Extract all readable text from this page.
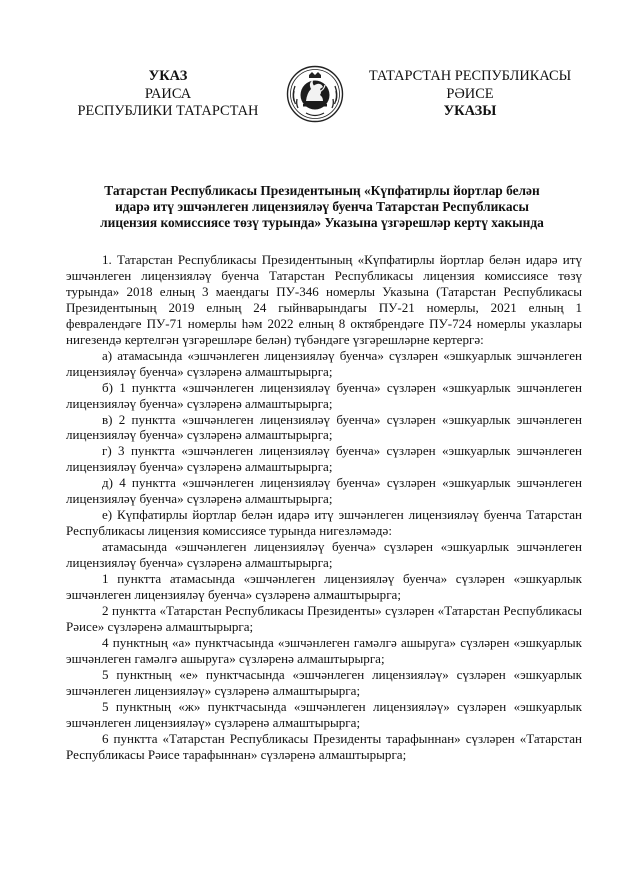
УКАЗ
РАИСА
РЕСПУБЛИКИ ТАТАРСТАН
ТАТАРСТАН РЕСПУБЛИКАСЫ
РӘИСЕ
УКАЗЫ
Татарстан Республикасы Президентының «Күпфатирлы йортлар белән
идарә итү эшчәнлеген лицензияләү буенча Татарстан Республикасы
лицензия комиссиясе төзү турында» Указына үзгәрешләр кертү хакында

1. Татарстан Республикасы Президентының «Күпфатирлы йортлар белән идарә итү эшчәнлеген лицензияләү буенча Татарстан Республикасы лицензия комиссиясе төзү турында» 2018 елның 3 маендагы ПУ-346 номерлы Указына (Татарстан Республикасы Президентының 2019 елның 24 гыйнварындагы ПУ-21 номерлы, 2021 елның 1 февралендәге ПУ-71 номерлы һәм 2022 елның 8 октябрендәге ПУ-724 номерлы указлары нигезендә кертелгән үзгәрешләре белән) түбәндәге үзгәрешләрне кертергә:

а) атамасында «эшчәнлеген лицензияләү буенча» сүзләрен «эшкуарлык эшчәнлеген лицензияләү буенча» сүзләренә алмаштырырга;

б) 1 пунктта «эшчәнлеген лицензияләү буенча» сүзләрен «эшкуарлык эшчәнлеген лицензияләү буенча» сүзләренә алмаштырырга;

в) 2 пунктта «эшчәнлеген лицензияләү буенча» сүзләрен «эшкуарлык эшчәнлеген лицензияләү буенча» сүзләренә алмаштырырга;

г) 3 пунктта «эшчәнлеген лицензияләү буенча» сүзләрен «эшкуарлык эшчәнлеген лицензияләү буенча» сүзләренә алмаштырырга;

д) 4 пунктта «эшчәнлеген лицензияләү буенча» сүзләрен «эшкуарлык эшчәнлеген лицензияләү буенча» сүзләренә алмаштырырга;

е) Күпфатирлы йортлар белән идарә итү эшчәнлеген лицензияләү буенча Татарстан Республикасы лицензия комиссиясе турында нигезләмәдә:

атамасында «эшчәнлеген лицензияләү буенча» сүзләрен «эшкуарлык эшчәнлеген лицензияләү буенча» сүзләренә алмаштырырга;

1 пунктта атамасында «эшчәнлеген лицензияләү буенча» сүзләрен «эшкуарлык эшчәнлеген лицензияләү буенча» сүзләренә алмаштырырга;

2 пунктта «Татарстан Республикасы Президенты» сүзләрен «Татарстан Республикасы Рәисе» сүзләренә алмаштырырга;

4 пунктның «а» пунктчасында «эшчәнлеген гамәлгә ашыруга» сүзләрен «эшкуарлык эшчәнлеген гамәлгә ашыруга» сүзләренә алмаштырырга;

5 пунктның «е» пунктчасында «эшчәнлеген лицензияләү» сүзләрен «эшкуарлык эшчәнлеген лицензияләү» сүзләренә алмаштырырга;

5 пунктның «ж» пунктчасында «эшчәнлеген лицензияләү» сүзләрен «эшкуарлык эшчәнлеген лицензияләү» сүзләренә алмаштырырга;

6 пунктта «Татарстан Республикасы Президенты тарафыннан» сүзләрен «Татарстан Республикасы Рәисе тарафыннан» сүзләренә алмаштырырга;
